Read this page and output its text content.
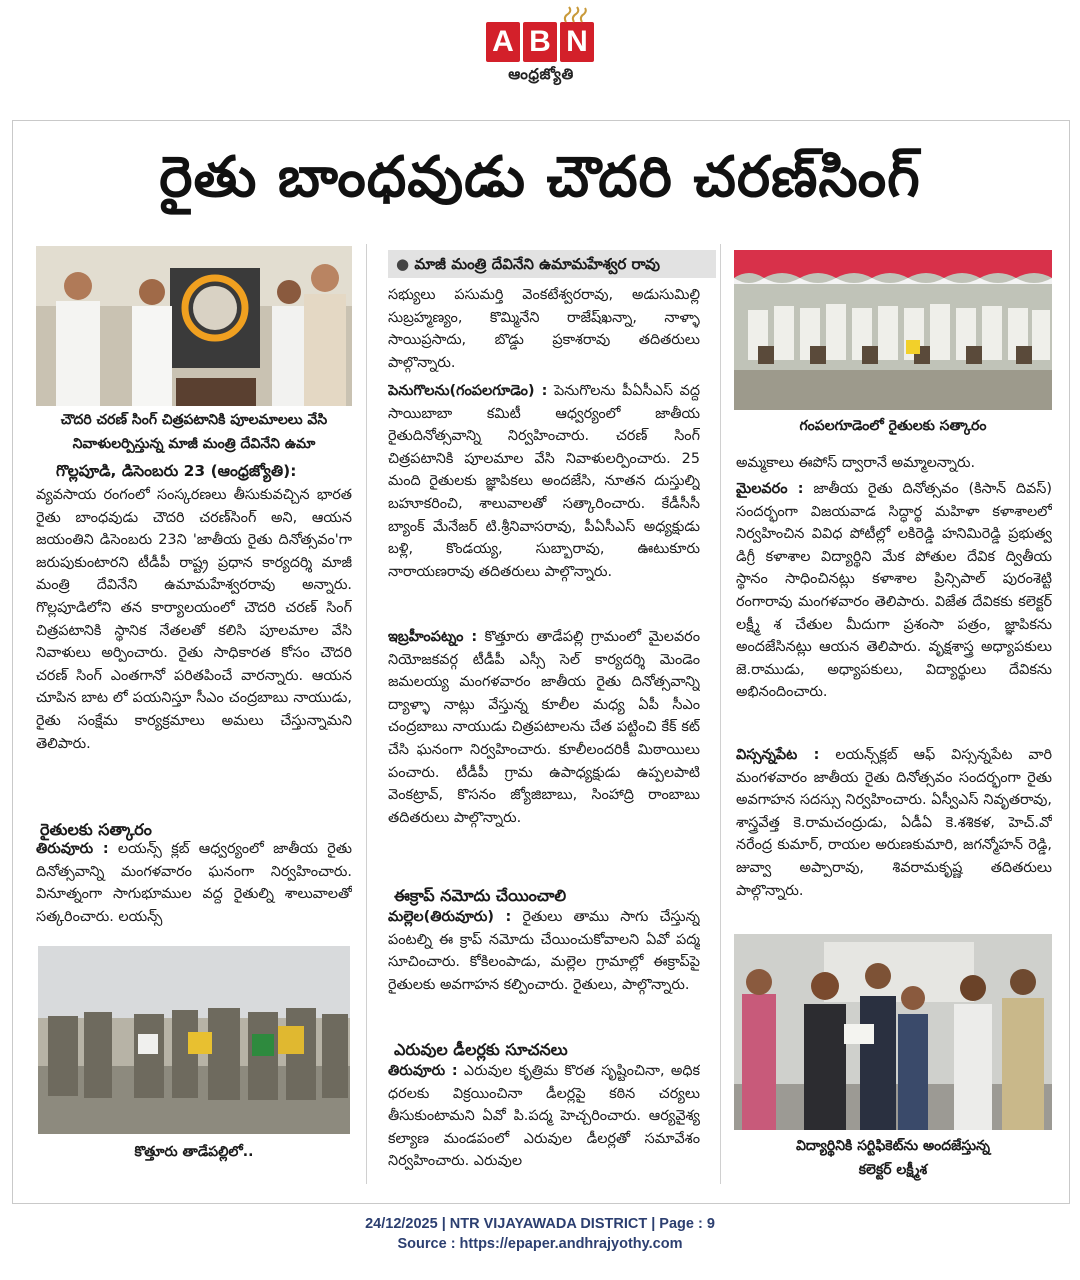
A B N
ఆంధ్రజ్యోతి
రైతు బాంధవుడు చౌదరి చరణ్‌సింగ్
చౌదరి చరణ్ సింగ్ చిత్రపటానికి పూలమాలలు వేసి
నివాళులర్పిస్తున్న మాజీ మంత్రి దేవినేని ఉమా
గొల్లపూడి, డిసెంబరు 23 (ఆంధ్రజ్యోతి):

వ్యవసాయ రంగంలో సంస్కరణలు తీసుకువచ్చిన భారత రైతు బాంధవుడు చౌదరి చరణ్‌సింగ్ అని, ఆయన జయంతిని డిసెంబరు 23ని 'జాతీయ రైతు దినోత్సవం'గా జరుపుకుంటారని టీడీపీ రాష్ట్ర ప్రధాన కార్యదర్శి మాజీ మంత్రి దేవినేని ఉమామహేశ్వరరావు అన్నారు. గొల్లపూడిలోని తన కార్యాలయంలో చౌదరి చరణ్ సింగ్ చిత్రపటానికి స్థానిక నేతలతో కలిసి పూలమాల వేసి నివాళులు అర్పించారు. రైతు సాధికారత కోసం చౌదరి చరణ్ సింగ్ ఎంతగానో పరితపించే వారన్నారు. ఆయన చూపిన బాట లో పయనిస్తూ సీఎం చంద్రబాబు నాయుడు, రైతు సంక్షేమ కార్యక్రమాలు అమలు చేస్తున్నామని తెలిపారు.

రైతులకు సత్కారం

తిరువూరు : లయన్స్ క్లబ్ ఆధ్వర్యంలో జాతీయ రైతు దినోత్సవాన్ని మంగళవారం ఘనంగా నిర్వహించారు. వినూత్నంగా సాగుభూముల వద్ద రైతుల్ని శాలువాలతో సత్కరించారు. లయన్స్

కొత్తూరు తాడేపల్లిలో..
● మాజీ మంత్రి దేవినేని ఉమామహేశ్వర రావు

సభ్యులు పసుమర్తి వెంకటేశ్వరరావు, అడుసుమిల్లి సుబ్రహ్మణ్యం, కొమ్మినేని రాజేష్‌ఖన్నా, నాళ్ళా సాయిప్రసాదు, బొడ్డు ప్రకాశరావు తదితరులు పాల్గొన్నారు.

పెనుగొలను(గంపలగూడెం) : పెనుగొలను పీఏసీఎస్ వద్ద సాయిబాబా కమిటీ ఆధ్వర్యంలో జాతీయ రైతుదినోత్సవాన్ని నిర్వహించారు. చరణ్ సింగ్ చిత్రపటానికి పూలమాల వేసి నివాళులర్పించారు. 25 మంది రైతులకు జ్ఞాపికలు అందజేసి, నూతన దుస్తుల్ని బహూకరించి, శాలువాలతో సత్కారించారు. కేడీసీసీ బ్యాంక్ మేనేజర్ టి.శ్రీనివాసరావు, పీఏసీఎస్ అధ్యక్షుడు బళ్లి, కొండయ్య, సుబ్బారావు, ఊటుకూరు నారాయణరావు తదితరులు పాల్గొన్నారు.

ఇబ్రహీంపట్నం : కొత్తూరు తాడేపల్లి గ్రామంలో మైలవరం నియోజకవర్గ టీడీపీ ఎస్సీ సెల్ కార్యదర్శి మెండెం జమలయ్య మంగళవారం జాతీయ రైతు దినోత్సవాన్ని ద్యాళ్ళా నాట్లు వేస్తున్న కూలీల మధ్య ఏపీ సీఎం చంద్రబాబు నాయుడు చిత్రపటాలను చేత పట్టించి కేక్ కట్ చేసి ఘనంగా నిర్వహించారు. కూలీలందరికీ మిఠాయిలు పంచారు. టీడీపీ గ్రామ ఉపాధ్యక్షుడు ఉప్పలపాటి వెంకట్రావ్, కొసనం జ్యోజిబాబు, సింహాద్రి రాంబాబు తదితరులు పాల్గొన్నారు.

ఈక్రాప్ నమోదు చేయించాలి

మల్లెల(తిరువూరు) : రైతులు తాము సాగు చేస్తున్న పంటల్ని ఈ క్రాప్ నమోదు చేయించుకోవాలని ఏవో పద్మ సూచించారు. కోకిలంపాడు, మల్లెల గ్రామాల్లో ఈక్రాప్‌పై రైతులకు అవగాహన కల్పించారు. రైతులు, పాల్గొన్నారు.

ఎరువుల డీలర్లకు సూచనలు

తిరువూరు : ఎరువుల కృత్రిమ కొరత సృష్టించినా, అధిక ధరలకు విక్రయించినా డీలర్లపై కఠిన చర్యలు తీసుకుంటామని ఏవో పి.పద్మ హెచ్చరించారు. ఆర్యవైశ్య కల్యాణ మండపంలో ఎరువుల డీలర్లతో సమావేశం నిర్వహించారు. ఎరువుల

గంపలగూడెంలో రైతులకు సత్కారం

అమ్మకాలు ఈపోస్ ద్వారానే అమ్మాలన్నారు.

మైలవరం : జాతీయ రైతు దినోత్సవం (కిసాన్ దివస్) సందర్భంగా విజయవాడ సిద్ధార్థ మహిళా కళాశాలలో నిర్వహించిన వివిధ పోటీల్లో లకిరెడ్డి హనిమిరెడ్డి ప్రభుత్వ డిగ్రీ కళాశాల విద్యార్థిని మేక పోతుల దేవిక ద్వితీయ స్థానం సాధించినట్లు కళాశాల ప్రిన్సిపాల్ పురంశెట్టి రంగారావు మంగళవారం తెలిపారు. విజేత దేవికకు కలెక్టర్ లక్ష్మీ శ చేతుల మీదుగా ప్రశంసా పత్రం, జ్ఞాపికను అందజేసినట్లు ఆయన తెలిపారు. వృక్షశాస్త్ర అధ్యాపకులు జె.రాముడు, అధ్యాపకులు, విద్యార్థులు దేవికను అభినందించారు.

విస్సన్నపేట : లయన్స్‌క్లబ్ ఆఫ్ విస్సన్నపేట వారి మంగళవారం జాతీయ రైతు దినోత్సవం సందర్భంగా రైతు అవగాహన సదస్సు నిర్వహించారు. ఏస్వీఎస్ నివృతరావు, శాస్త్రవేత్త కె.రామచంద్రుడు, ఏడీఏ కె.శశికళ, హెచ్.వో నరేంద్ర కుమార్, రాయల అరుణకుమారి, జగన్మోహన్ రెడ్డి, జువ్వా అప్పారావు, శివరామకృష్ణ తదితరులు పాల్గొన్నారు.

విద్యార్థినికి సర్టిఫికెట్‌ను అందజేస్తున్న
కలెక్టర్ లక్ష్మీశ
24/12/2025 | NTR VIJAYAWADA DISTRICT | Page : 9
Source : https://epaper.andhrajyothy.com
